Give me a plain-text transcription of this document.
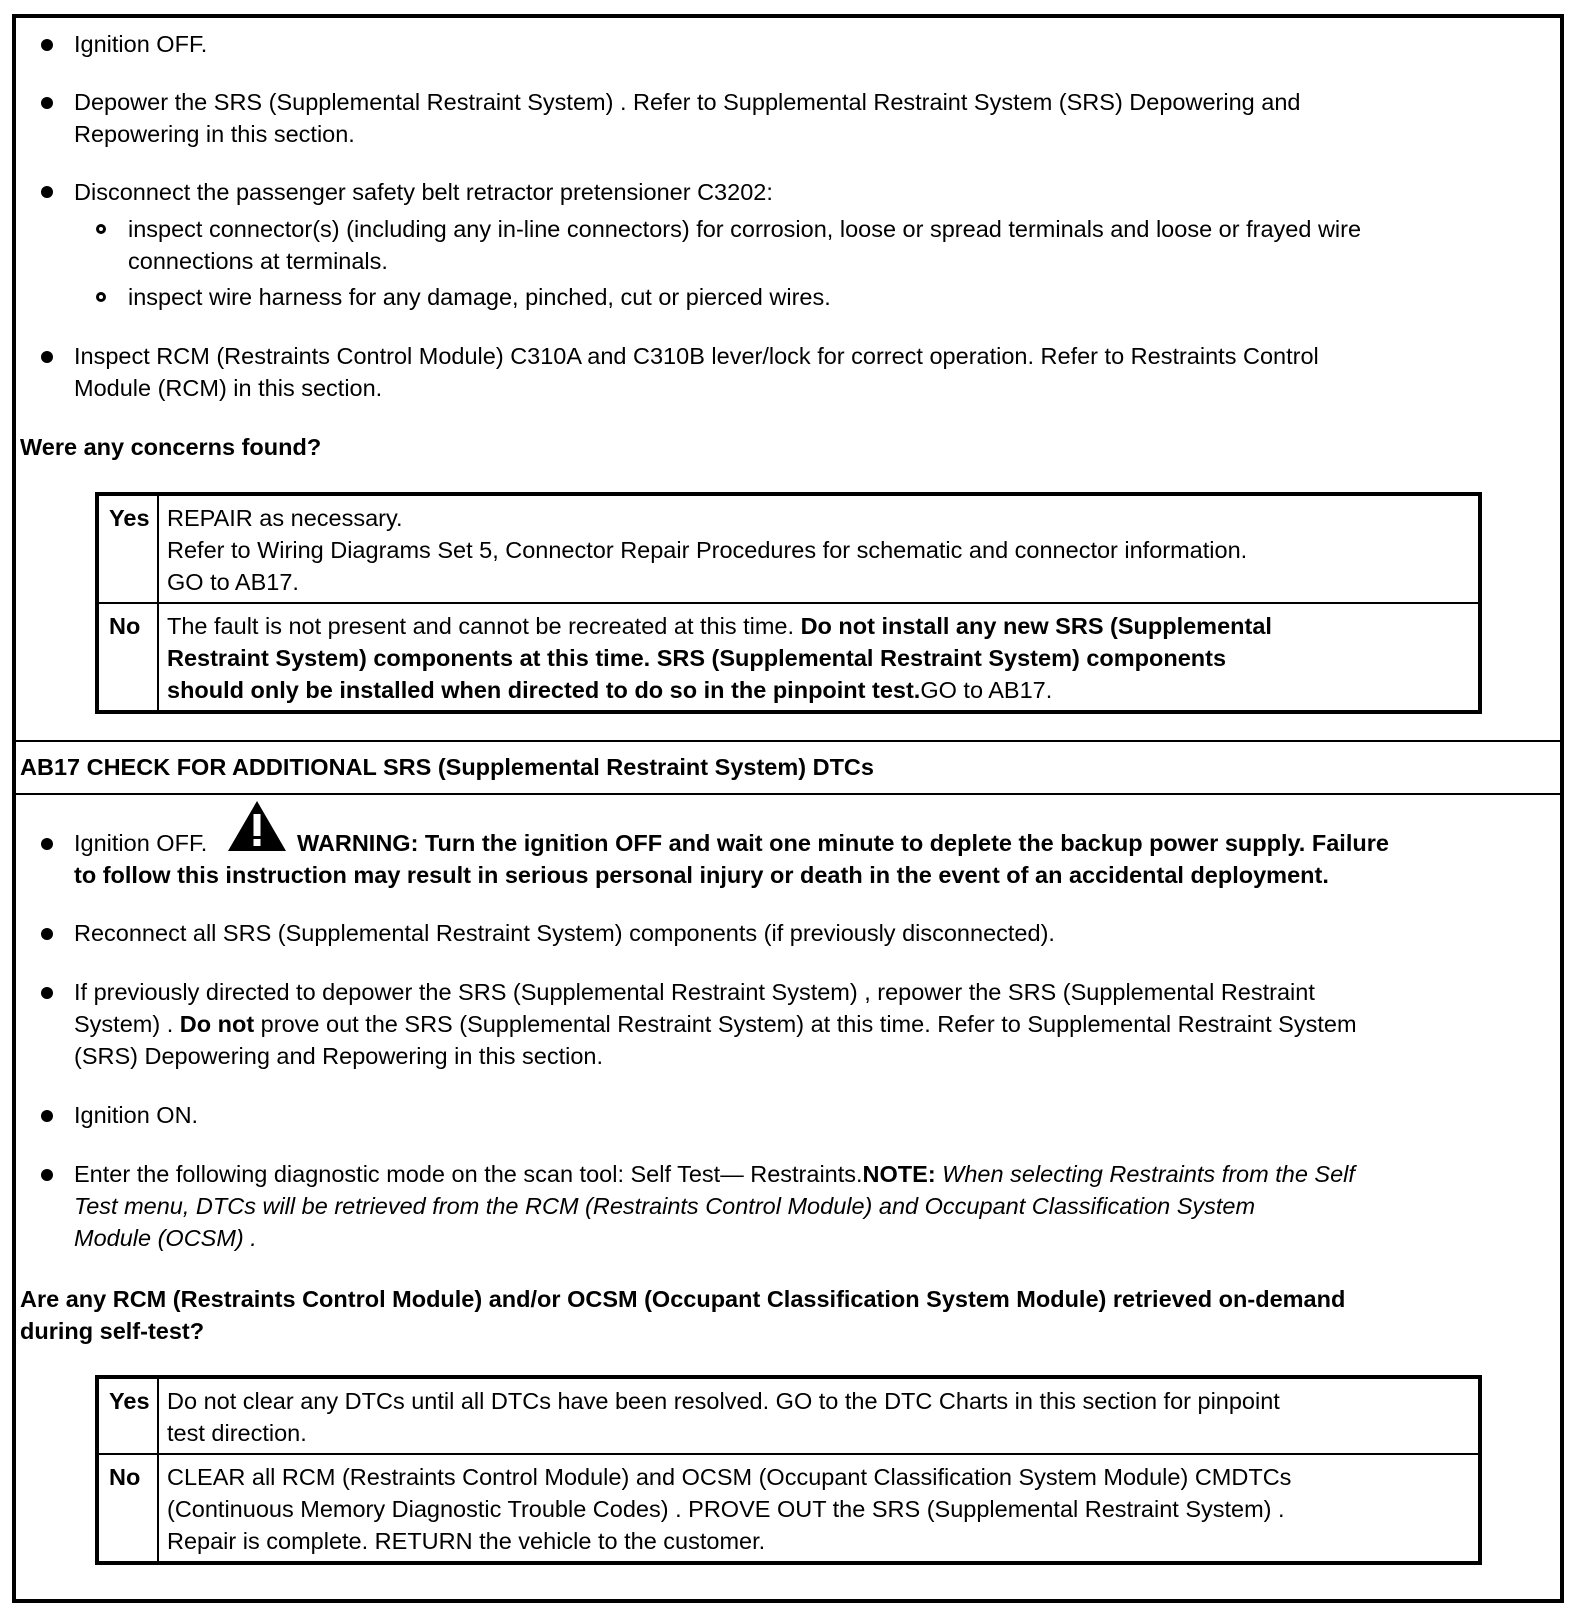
Ignition OFF.
Depower the SRS (Supplemental Restraint System) . Refer to Supplemental Restraint System (SRS) Depowering and
Repowering in this section.
Disconnect the passenger safety belt retractor pretensioner C3202:
inspect connector(s) (including any in-line connectors) for corrosion, loose or spread terminals and loose or frayed wire
connections at terminals.
inspect wire harness for any damage, pinched, cut or pierced wires.
Inspect RCM (Restraints Control Module) C310A and C310B lever/lock for correct operation. Refer to Restraints Control
Module (RCM) in this section.
Were any concerns found?
Yes	REPAIR as necessary.
Refer to Wiring Diagrams Set 5, Connector Repair Procedures for schematic and connector information.
GO to AB17.

No	The fault is not present and cannot be recreated at this time. Do not install any new SRS (Supplemental
Restraint System) components at this time. SRS (Supplemental Restraint System) components
should only be installed when directed to do so in the pinpoint test.GO to AB17.
AB17 CHECK FOR ADDITIONAL SRS (Supplemental Restraint System) DTCs
Ignition OFF.	WARNING: Turn the ignition OFF and wait one minute to deplete the backup power supply. Failure
to follow this instruction may result in serious personal injury or death in the event of an accidental deployment.
Reconnect all SRS (Supplemental Restraint System) components (if previously disconnected).
If previously directed to depower the SRS (Supplemental Restraint System) , repower the SRS (Supplemental Restraint
System) . Do not prove out the SRS (Supplemental Restraint System) at this time. Refer to Supplemental Restraint System
(SRS) Depowering and Repowering in this section.
Ignition ON.
Enter the following diagnostic mode on the scan tool: Self Test— Restraints.NOTE: When selecting Restraints from the Self
Test menu, DTCs will be retrieved from the RCM (Restraints Control Module) and Occupant Classification System
Module (OCSM) .
Are any RCM (Restraints Control Module) and/or OCSM (Occupant Classification System Module) retrieved on-demand
during self-test?
Yes	Do not clear any DTCs until all DTCs have been resolved. GO to the DTC Charts in this section for pinpoint
test direction.

No	CLEAR all RCM (Restraints Control Module) and OCSM (Occupant Classification System Module) CMDTCs
(Continuous Memory Diagnostic Trouble Codes) . PROVE OUT the SRS (Supplemental Restraint System) .
Repair is complete. RETURN the vehicle to the customer.
